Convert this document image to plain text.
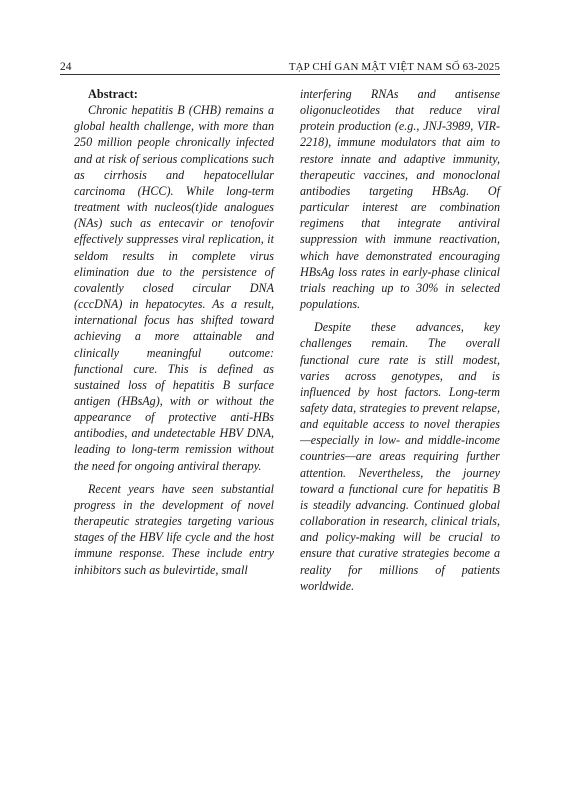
24	TẠP CHÍ GAN MẬT VIỆT NAM SỐ 63-2025
Abstract:

Chronic hepatitis B (CHB) remains a global health challenge, with more than 250 million people chronically infected and at risk of serious complications such as cirrhosis and hepatocellular carcinoma (HCC). While long-term treatment with nucleos(t)ide analogues (NAs) such as entecavir or tenofovir effectively suppresses viral replication, it seldom results in complete virus elimination due to the persistence of covalently closed circular DNA (cccDNA) in hepatocytes. As a result, international focus has shifted toward achieving a more attainable and clinically meaningful outcome: functional cure. This is defined as sustained loss of hepatitis B surface antigen (HBsAg), with or without the appearance of protective anti-HBs antibodies, and undetectable HBV DNA, leading to long-term remission without the need for ongoing antiviral therapy.

Recent years have seen substantial progress in the development of novel therapeutic strategies targeting various stages of the HBV life cycle and the host immune response. These include entry inhibitors such as bulevirtide, small

interfering RNAs and antisense oligonucleotides that reduce viral protein production (e.g., JNJ-3989, VIR-2218), immune modulators that aim to restore innate and adaptive immunity, therapeutic vaccines, and monoclonal antibodies targeting HBsAg. Of particular interest are combination regimens that integrate antiviral suppression with immune reactivation, which have demonstrated encouraging HBsAg loss rates in early-phase clinical trials reaching up to 30% in selected populations.

Despite these advances, key challenges remain. The overall functional cure rate is still modest, varies across genotypes, and is influenced by host factors. Long-term safety data, strategies to prevent relapse, and equitable access to novel therapies—especially in low- and middle-income countries—are areas requiring further attention. Nevertheless, the journey toward a functional cure for hepatitis B is steadily advancing. Continued global collaboration in research, clinical trials, and policy-making will be crucial to ensure that curative strategies become a reality for millions of patients worldwide.
